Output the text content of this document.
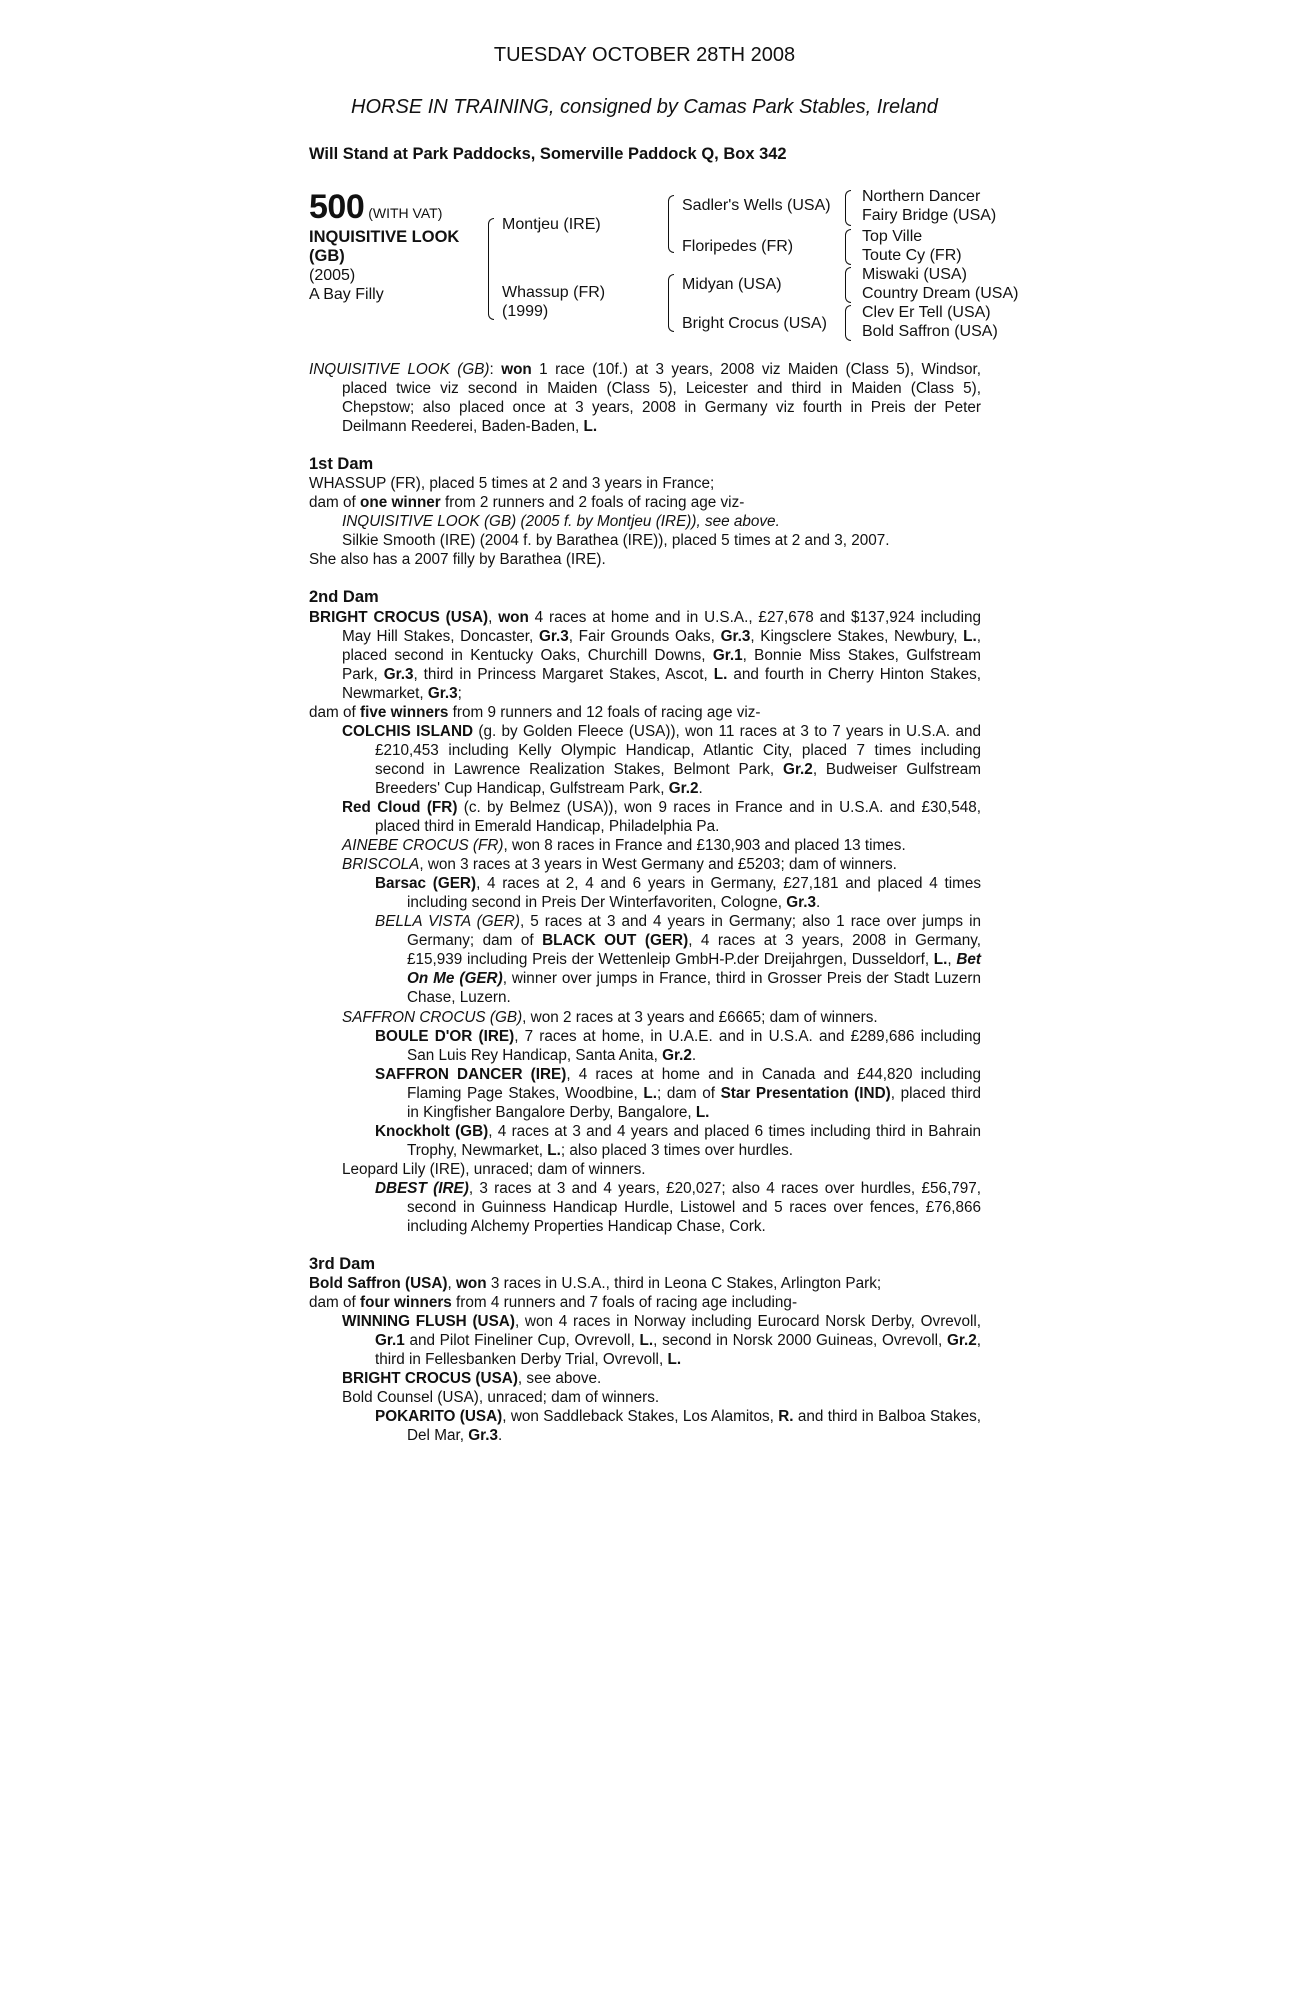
TUESDAY OCTOBER 28TH 2008
HORSE IN TRAINING, consigned by Camas Park Stables, Ireland
Will Stand at Park Paddocks, Somerville Paddock Q, Box 342
500 (WITH VAT)
INQUISITIVE LOOK
(GB)
(2005)
A Bay Filly
Montjeu (IRE)
Whassup (FR)
(1999)
Sadler's Wells (USA)
Floripedes (FR)
Midyan (USA)
Bright Crocus (USA)
Northern Dancer
Fairy Bridge (USA)
Top Ville
Toute Cy (FR)
Miswaki (USA)
Country Dream (USA)
Clev Er Tell (USA)
Bold Saffron (USA)

INQUISITIVE LOOK (GB): won 1 race (10f.) at 3 years, 2008 viz Maiden (Class 5), Windsor, placed twice viz second in Maiden (Class 5), Leicester and third in Maiden (Class 5), Chepstow; also placed once at 3 years, 2008 in Germany viz fourth in Preis der Peter Deilmann Reederei, Baden-Baden, L.

1st Dam

WHASSUP (FR), placed 5 times at 2 and 3 years in France;

dam of one winner from 2 runners and 2 foals of racing age viz-

INQUISITIVE LOOK (GB) (2005 f. by Montjeu (IRE)), see above.

Silkie Smooth (IRE) (2004 f. by Barathea (IRE)), placed 5 times at 2 and 3, 2007.

She also has a 2007 filly by Barathea (IRE).

2nd Dam

BRIGHT CROCUS (USA), won 4 races at home and in U.S.A., £27,678 and $137,924 including May Hill Stakes, Doncaster, Gr.3, Fair Grounds Oaks, Gr.3, Kingsclere Stakes, Newbury, L., placed second in Kentucky Oaks, Churchill Downs, Gr.1, Bonnie Miss Stakes, Gulfstream Park, Gr.3, third in Princess Margaret Stakes, Ascot, L. and fourth in Cherry Hinton Stakes, Newmarket, Gr.3;

dam of five winners from 9 runners and 12 foals of racing age viz-

COLCHIS ISLAND (g. by Golden Fleece (USA)), won 11 races at 3 to 7 years in U.S.A. and £210,453 including Kelly Olympic Handicap, Atlantic City, placed 7 times including second in Lawrence Realization Stakes, Belmont Park, Gr.2, Budweiser Gulfstream Breeders' Cup Handicap, Gulfstream Park, Gr.2.

Red Cloud (FR) (c. by Belmez (USA)), won 9 races in France and in U.S.A. and £30,548, placed third in Emerald Handicap, Philadelphia Pa.

AINEBE CROCUS (FR), won 8 races in France and £130,903 and placed 13 times.

BRISCOLA, won 3 races at 3 years in West Germany and £5203; dam of winners.

Barsac (GER), 4 races at 2, 4 and 6 years in Germany, £27,181 and placed 4 times including second in Preis Der Winterfavoriten, Cologne, Gr.3.

BELLA VISTA (GER), 5 races at 3 and 4 years in Germany; also 1 race over jumps in Germany; dam of BLACK OUT (GER), 4 races at 3 years, 2008 in Germany, £15,939 including Preis der Wettenleip GmbH-P.der Dreijahrgen, Dusseldorf, L., Bet On Me (GER), winner over jumps in France, third in Grosser Preis der Stadt Luzern Chase, Luzern.

SAFFRON CROCUS (GB), won 2 races at 3 years and £6665; dam of winners.

BOULE D'OR (IRE), 7 races at home, in U.A.E. and in U.S.A. and £289,686 including San Luis Rey Handicap, Santa Anita, Gr.2.

SAFFRON DANCER (IRE), 4 races at home and in Canada and £44,820 including Flaming Page Stakes, Woodbine, L.; dam of Star Presentation (IND), placed third in Kingfisher Bangalore Derby, Bangalore, L.

Knockholt (GB), 4 races at 3 and 4 years and placed 6 times including third in Bahrain Trophy, Newmarket, L.; also placed 3 times over hurdles.

Leopard Lily (IRE), unraced; dam of winners.

DBEST (IRE), 3 races at 3 and 4 years, £20,027; also 4 races over hurdles, £56,797, second in Guinness Handicap Hurdle, Listowel and 5 races over fences, £76,866 including Alchemy Properties Handicap Chase, Cork.

3rd Dam

Bold Saffron (USA), won 3 races in U.S.A., third in Leona C Stakes, Arlington Park;

dam of four winners from 4 runners and 7 foals of racing age including-

WINNING FLUSH (USA), won 4 races in Norway including Eurocard Norsk Derby, Ovrevoll, Gr.1 and Pilot Fineliner Cup, Ovrevoll, L., second in Norsk 2000 Guineas, Ovrevoll, Gr.2, third in Fellesbanken Derby Trial, Ovrevoll, L.

BRIGHT CROCUS (USA), see above.

Bold Counsel (USA), unraced; dam of winners.

POKARITO (USA), won Saddleback Stakes, Los Alamitos, R. and third in Balboa Stakes, Del Mar, Gr.3.
